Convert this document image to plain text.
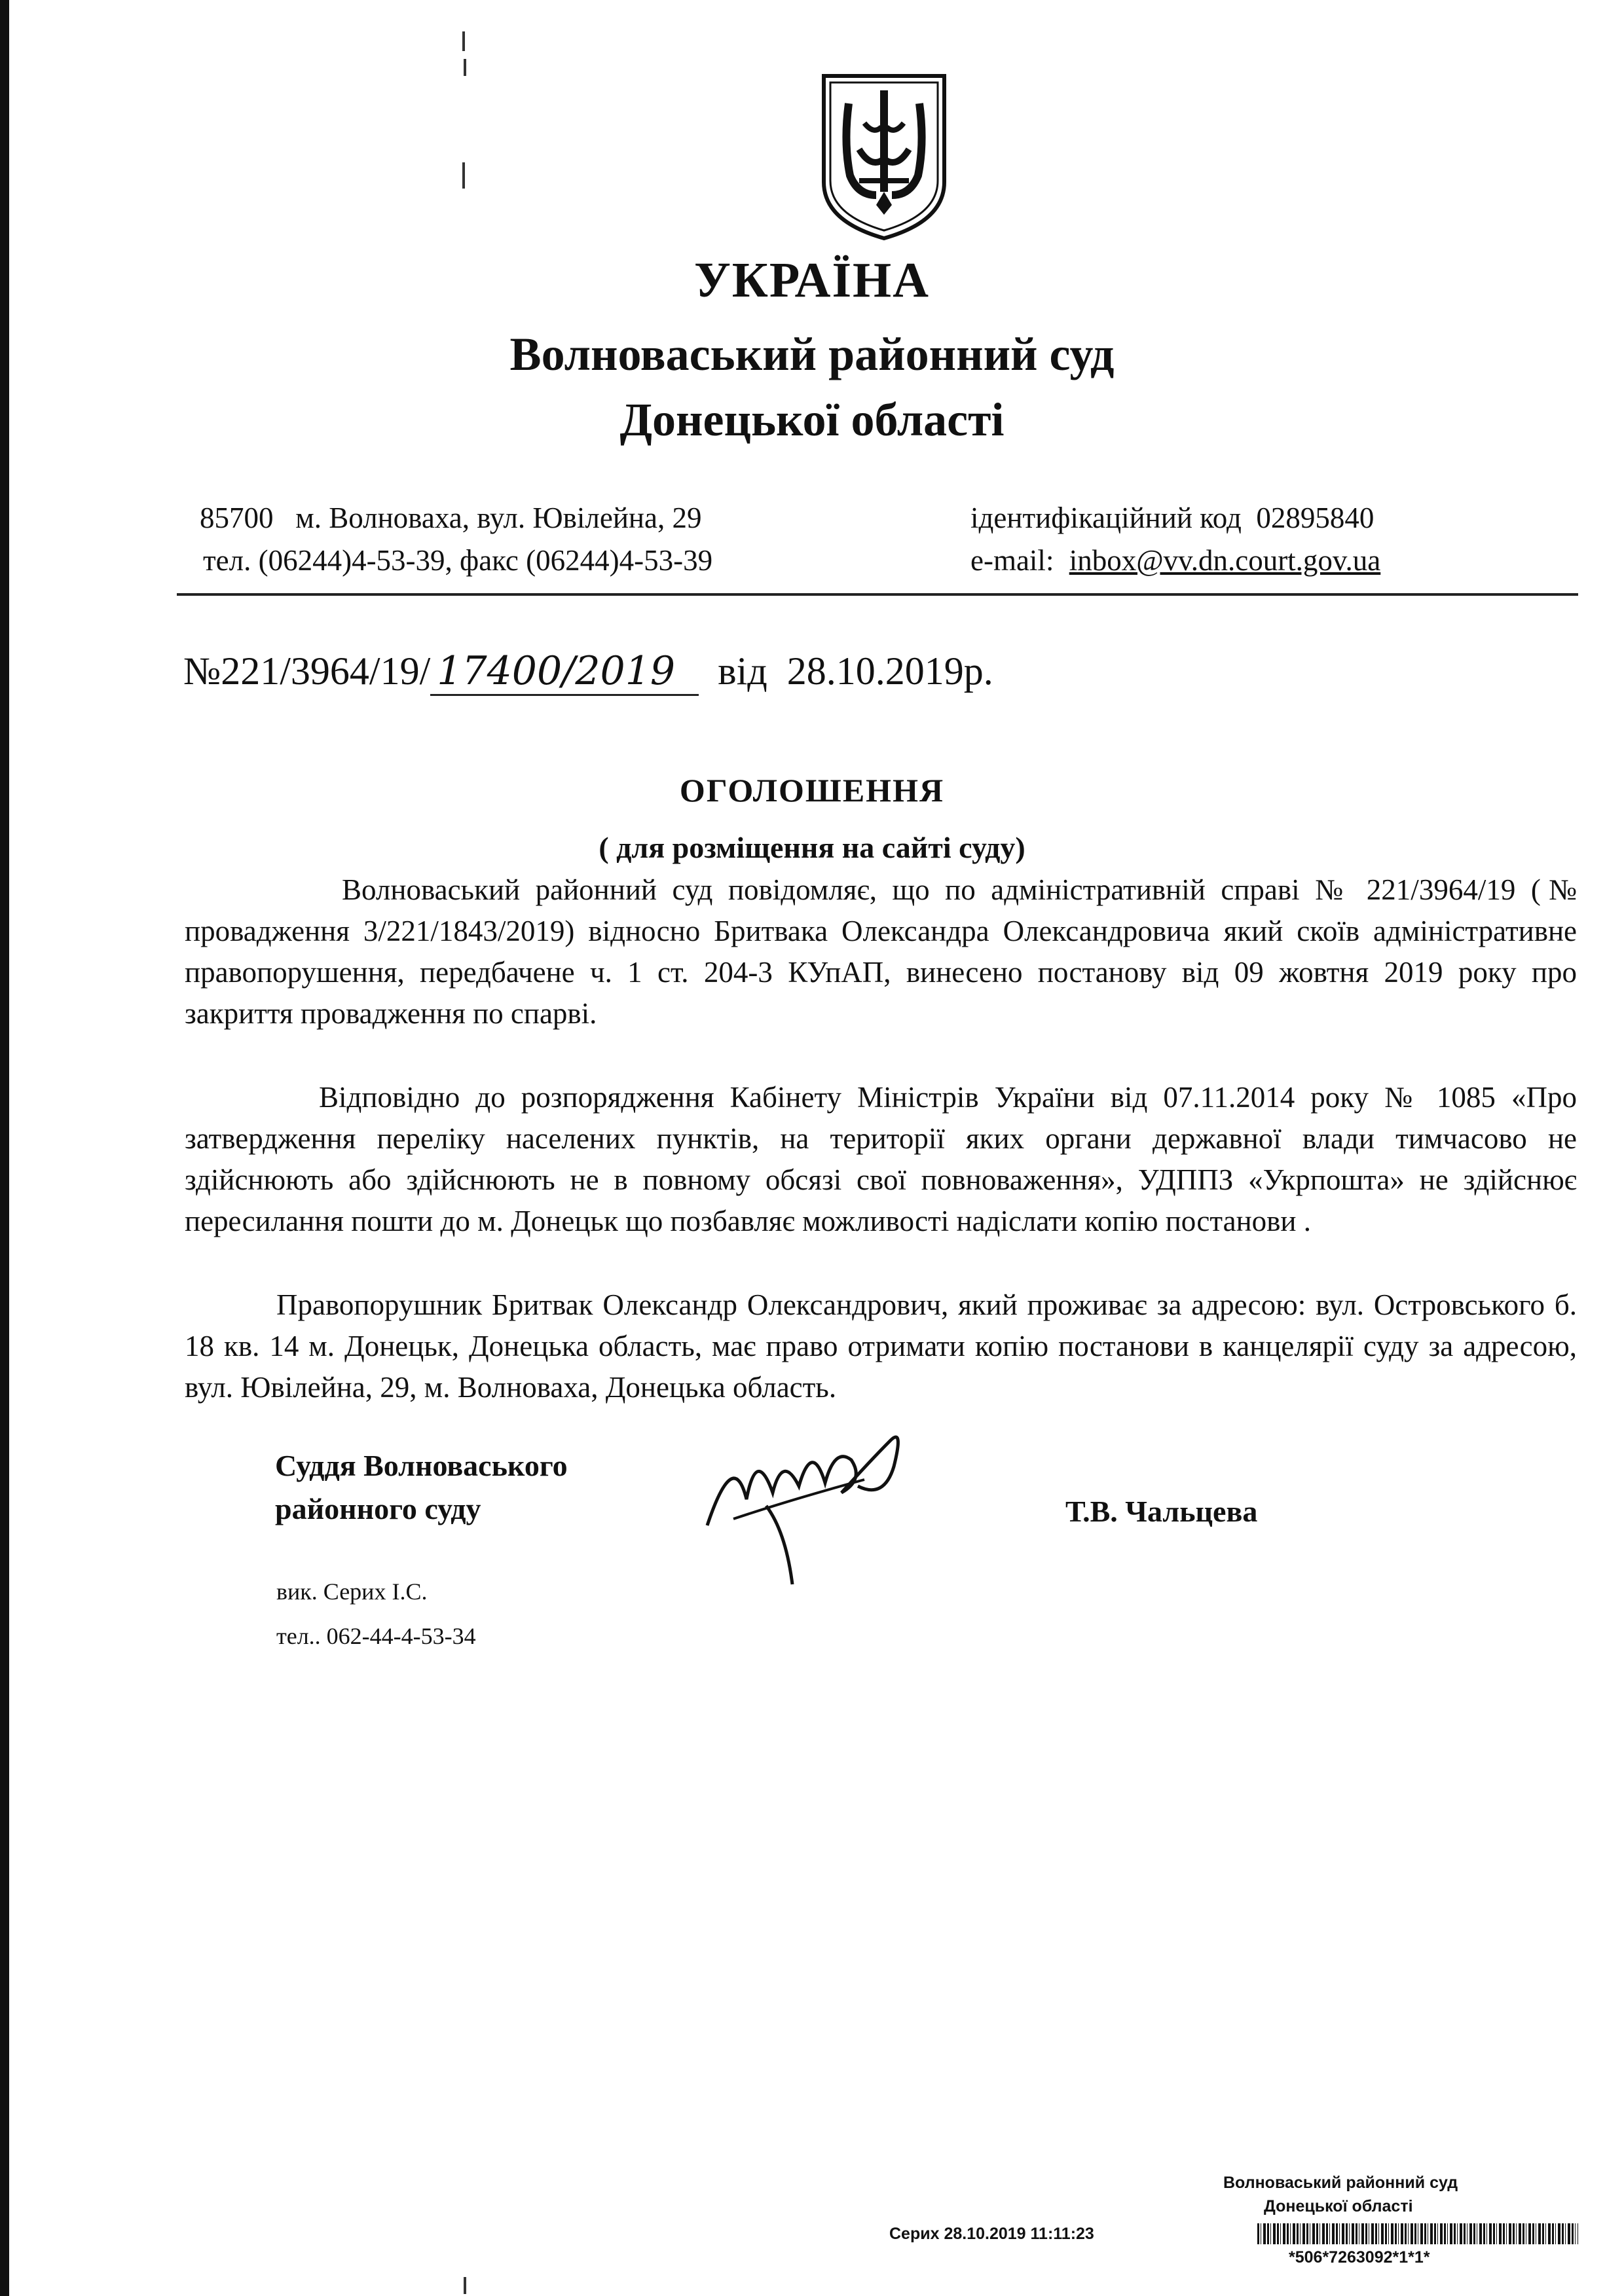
УКРАЇНА
Волноваський районний суд
Донецької області
85700   м. Волноваха, вул. Ювілейна, 29
тел. (06244)4-53-39, факс (06244)4-53-39
ідентифікаційний код  02895840
e-mail: inbox@vv.dn.court.gov.ua
№221/3964/19/ 17400/2019 від  28.10.2019р.
ОГОЛОШЕННЯ
( для розміщення на сайті суду)
Волноваський районний суд повідомляє, що по адміністративній справі № 221/3964/19 (№ провадження 3/221/1843/2019) відносно Бритвака Олександра Олександровича який скоїв адміністративне правопорушення, передбачене ч. 1 ст. 204-3 КУпАП, винесено постанову від 09 жовтня 2019 року про закриття провадження по спарві.
Відповідно до розпорядження Кабінету Міністрів України від 07.11.2014 року № 1085 «Про затвердження переліку населених пунктів, на території яких органи державної влади тимчасово не здійснюють або здійснюють не в повному обсязі свої повноваження», УДППЗ «Укрпошта» не здійснює пересилання пошти до м. Донецьк що позбавляє можливості надіслати копію постанови .
Правопорушник Бритвак Олександр Олександрович, який проживає за адресою: вул. Островського б. 18 кв. 14 м. Донецьк, Донецька область, має право отримати копію постанови в канцелярії суду за адресою, вул. Ювілейна, 29, м. Волноваха, Донецька область.
Суддя Волноваського
районного суду	Т.В. Чальцева
вик. Серих І.С.
тел.. 062-44-4-53-34
Волноваський районний суд
Донецької області
Серих 28.10.2019 11:11:23
*506*7263092*1*1*
